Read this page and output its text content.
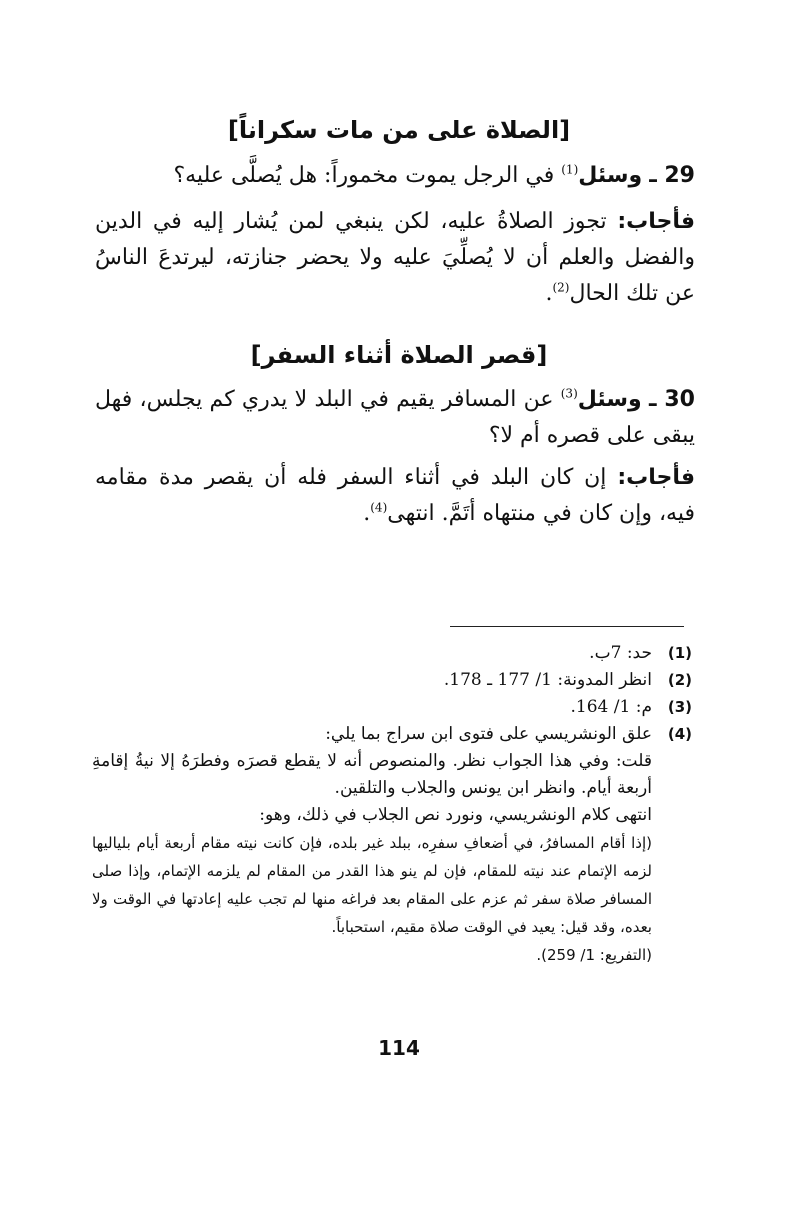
[الصلاة على من مات سكراناً]
29 ـ وسئل$^{(1)}$ في الرجل يموت مخموراً: هل يُصلَّى عليه؟
فأجاب: تجوز الصلاةُ عليه، لكن ينبغي لمن يُشار إليه في الدين والفضل والعلم أن لا يُصلِّيَ عليه ولا يحضر جنازته، ليرتدعَ الناسُ عن تلك الحال$^{(2)}$.
[قصر الصلاة أثناء السفر]
30 ـ وسئل$^{(3)}$ عن المسافر يقيم في البلد لا يدري كم يجلس، فهل يبقى على قصره أم لا؟
فأجاب: إن كان البلد في أثناء السفر فله أن يقصر مدة مقامه فيه، وإن كان في منتهاه أتَمَّ. انتهى$^{(4)}$.
(1)
حد: 7ب.
(2)
انظر المدونة: 1/ 177 ـ 178.
(3)
م: 1/ 164.
(4)
علق الونشريسي على فتوى ابن سراج بما يلي:
قلت: وفي هذا الجواب نظر. والمنصوص أنه لا يقطع قصرَه وفطرَهُ إلا نيةُ إقامةِ أربعة أيام. وانظر ابن يونس والجلاب والتلقين.
انتهى كلام الونشريسي، ونورد نص الجلاب في ذلك، وهو:
(إذا أقام المسافرُ، في أضعافِ سفرِه، ببلد غير بلده، فإن كانت نيته مقام أربعة أيام بلياليها لزمه الإتمام عند نيته للمقام، فإن لم ينو هذا القدر من المقام لم يلزمه الإتمام، وإذا صلى المسافر صلاة سفر ثم عزم على المقام بعد فراغه منها لم تجب عليه إعادتها في الوقت ولا بعده، وقد قيل: يعيد في الوقت صلاة مقيم، استحباباً.
(التفريع: 1/ 259).
114
